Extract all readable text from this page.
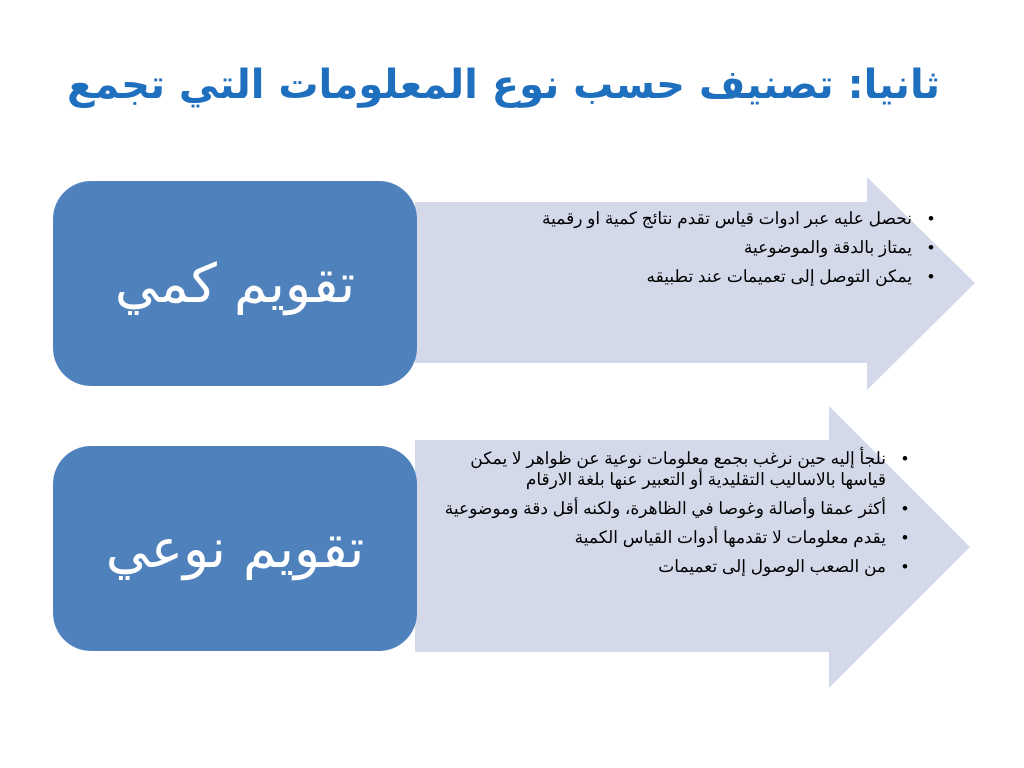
ثانيا: تصنيف حسب نوع المعلومات التي تجمع
تقويم كمي
• نحصل عليه عبر ادوات قياس تقدم نتائج كمية او رقمية
• يمتاز بالدقة والموضوعية
• يمكن التوصل إلى تعميمات عند تطبيقه
تقويم نوعي
• نلجأ إليه حين نرغب بجمع معلومات نوعية عن ظواهر لا يمكن قياسها بالاساليب التقليدية أو التعبير عنها بلغة الارقام
• أكثر عمقا وأصالة وغوصا في الظاهرة، ولكنه أقل دقة وموضوعية
• يقدم معلومات لا تقدمها أدوات القياس الكمية
• من الصعب الوصول إلى تعميمات
